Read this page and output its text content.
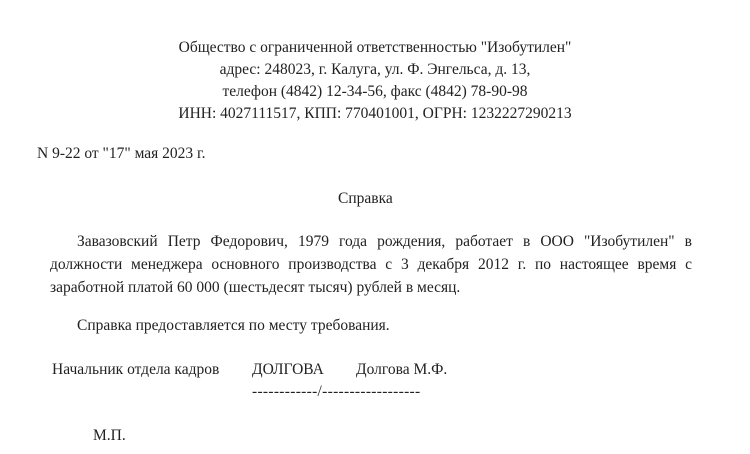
Общество с ограниченной ответственностью "Изобутилен"
адрес: 248023, г. Калуга, ул. Ф. Энгельса, д. 13,
телефон (4842) 12-34-56, факс (4842) 78-90-98
ИНН: 4027111517, КПП: 770401001, ОГРН: 1232227290213
N 9-22 от "17" мая 2023 г.
Справка
Завазовский Петр Федорович, 1979 года рождения, работает в ООО "Изобутилен" в
должности менеджера основного производства с 3 декабря 2012 г. по настоящее время с
заработной платой 60 000 (шестьдесят тысяч) рублей в месяц.
Справка предоставляется по месту требования.
Начальник отдела кадров ДОЛГОВА Долгова М.Ф.
------------/------------------
М.П.
